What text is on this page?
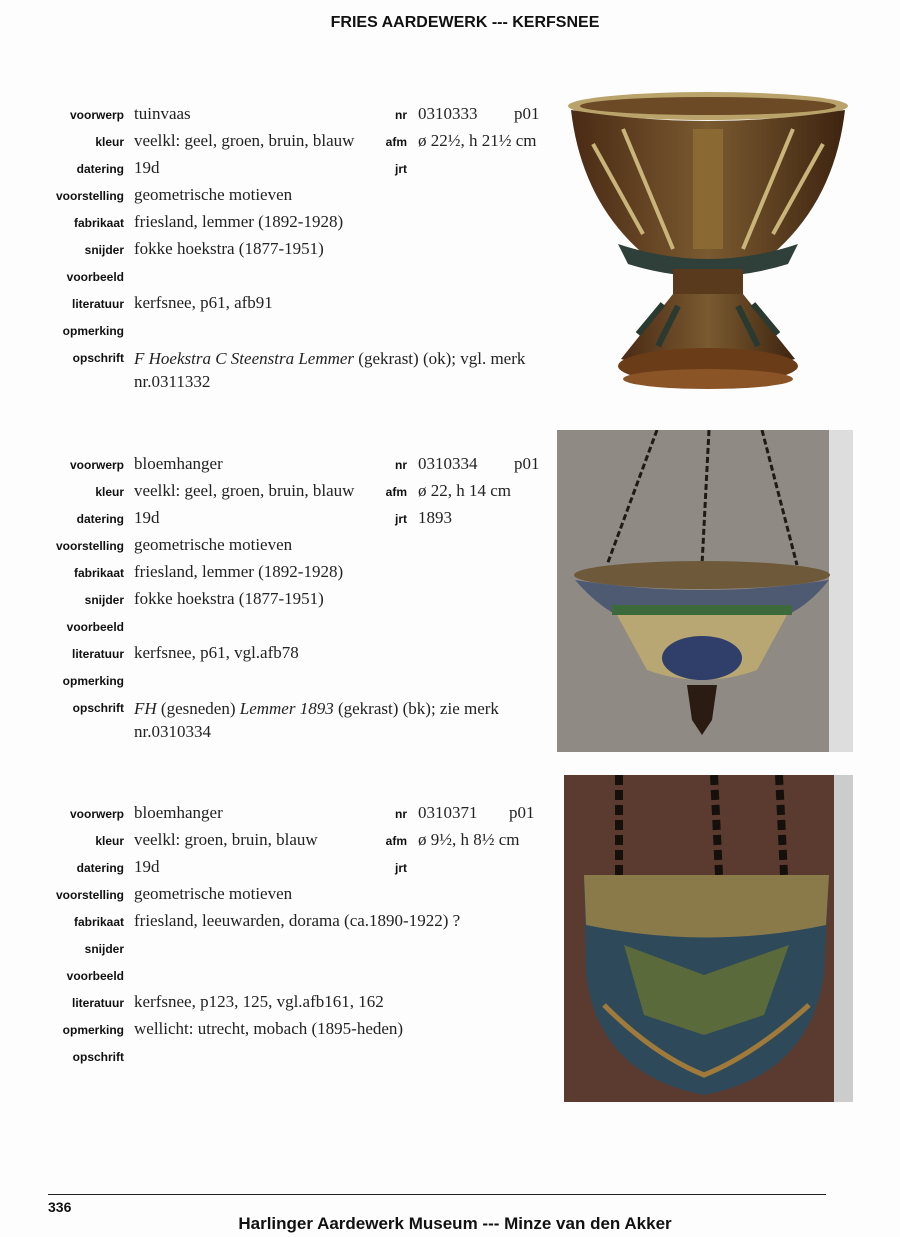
FRIES AARDEWERK --- KERFSNEE
voorwerp tuinvaas	nr 0310333 p01
kleur veelkl: geel, groen, bruin, blauw	afm ø 22½, h 21½ cm
datering 19d	jrt
voorstelling geometrische motieven
fabrikaat friesland, lemmer (1892-1928)
snijder fokke hoekstra (1877-1951)
voorbeeld
literatuur kerfsnee, p61, afb91
opmerking
opschrift F Hoekstra C Steenstra Lemmer (gekrast) (ok); vgl. merk nr.0311332
voorwerp bloemhanger	nr 0310334 p01
kleur veelkl: geel, groen, bruin, blauw	afm ø 22, h 14 cm
datering 19d	jrt 1893
voorstelling geometrische motieven
fabrikaat friesland, lemmer (1892-1928)
snijder fokke hoekstra (1877-1951)
voorbeeld
literatuur kerfsnee, p61, vgl.afb78
opmerking
opschrift FH (gesneden) Lemmer 1893 (gekrast) (bk); zie merk nr.0310334
voorwerp bloemhanger	nr 0310371 p01
kleur veelkl: groen, bruin, blauw	afm ø 9½, h 8½ cm
datering 19d	jrt
voorstelling geometrische motieven
fabrikaat friesland, leeuwarden, dorama (ca.1890-1922) ?
snijder
voorbeeld
literatuur kerfsnee, p123, 125, vgl.afb161, 162
opmerking wellicht: utrecht, mobach (1895-heden)
opschrift
336
Harlinger Aardewerk Museum --- Minze van den Akker
